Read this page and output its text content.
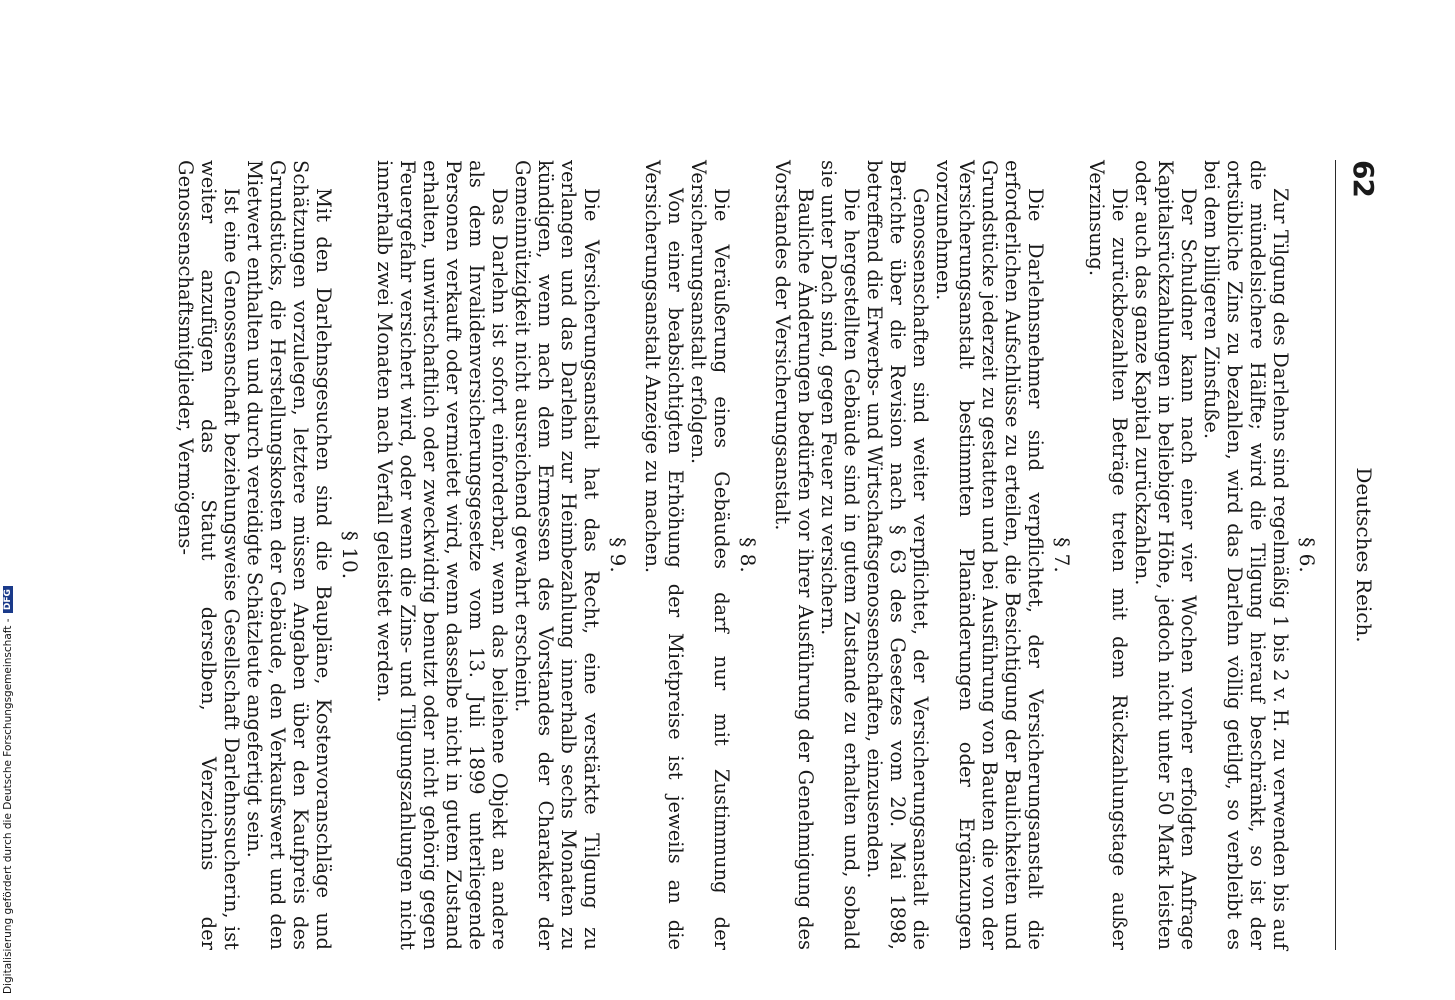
62
Deutsches Reich.
§ 6.

Zur Tilgung des Darlehns sind regelmäßig 1 bis 2 v. H. zu verwenden bis auf die mündelsichere Hälfte; wird die Tilgung hierauf beschränkt, so ist der ortsübliche Zins zu bezahlen, wird das Darlehn völlig getilgt, so verbleibt es bei dem billigeren Zinsfuße.

Der Schuldner kann nach einer vier Wochen vorher erfolgten Anfrage Kapitalsrückzahlungen in beliebiger Höhe, jedoch nicht unter 50 Mark leisten oder auch das ganze Kapital zurückzahlen.

Die zurückbezahlten Beträge treten mit dem Rückzahlungstage außer Verzinsung.

§ 7.

Die Darlehnsnehmer sind verpflichtet, der Versicherungsanstalt die erforderlichen Aufschlüsse zu erteilen, die Besichtigung der Baulichkeiten und Grundstücke jederzeit zu gestatten und bei Ausführung von Bauten die von der Versicherungsanstalt bestimmten Planänderungen oder Ergänzungen vorzunehmen.

Genossenschaften sind weiter verpflichtet, der Versicherungsanstalt die Berichte über die Revision nach § 63 des Gesetzes vom 20. Mai 1898, betreffend die Erwerbs- und Wirtschaftsgenossenschaften, einzusenden.

Die hergestellten Gebäude sind in gutem Zustande zu erhalten und, sobald sie unter Dach sind, gegen Feuer zu versichern.

Bauliche Änderungen bedürfen vor ihrer Ausführung der Genehmigung des Vorstandes der Versicherungsanstalt.

§ 8.

Die Veräußerung eines Gebäudes darf nur mit Zustimmung der Versicherungsanstalt erfolgen.

Von einer beabsichtigten Erhöhung der Mietpreise ist jeweils an die Versicherungsanstalt Anzeige zu machen.

§ 9.

Die Versicherungsanstalt hat das Recht, eine verstärkte Tilgung zu verlangen und das Darlehn zur Heimbezahlung innerhalb sechs Monaten zu kündigen, wenn nach dem Ermessen des Vorstandes der Charakter der Gemeinnützigkeit nicht ausreichend gewahrt erscheint.

Das Darlehn ist sofort einforderbar, wenn das beliehene Objekt an andere als dem Invalidenversicherungsgesetze vom 13. Juli 1899 unterliegende Personen verkauft oder vermietet wird, wenn dasselbe nicht in gutem Zustand erhalten, unwirtschaftlich oder zweckwidrig benutzt oder nicht gehörig gegen Feuergefahr versichert wird, oder wenn die Zins- und Tilgungszahlungen nicht innerhalb zwei Monaten nach Verfall geleistet werden.

§ 10.

Mit den Darlehnsgesuchen sind die Baupläne, Kostenvoranschläge und Schätzungen vorzulegen, letztere müssen Angaben über den Kaufpreis des Grundstücks, die Herstellungskosten der Gebäude, den Verkaufswert und den Mietwert enthalten und durch vereidigte Schätzleute angefertigt sein.

Ist eine Genossenschaft beziehungsweise Gesellschaft Darlehnssucherin, ist weiter anzufügen das Statut derselben, Verzeichnis der Genossenschaftsmitglieder, Vermögens-

Digitalisierung gefördert durch die Deutsche Forschungsgemeinschaft - DFG
